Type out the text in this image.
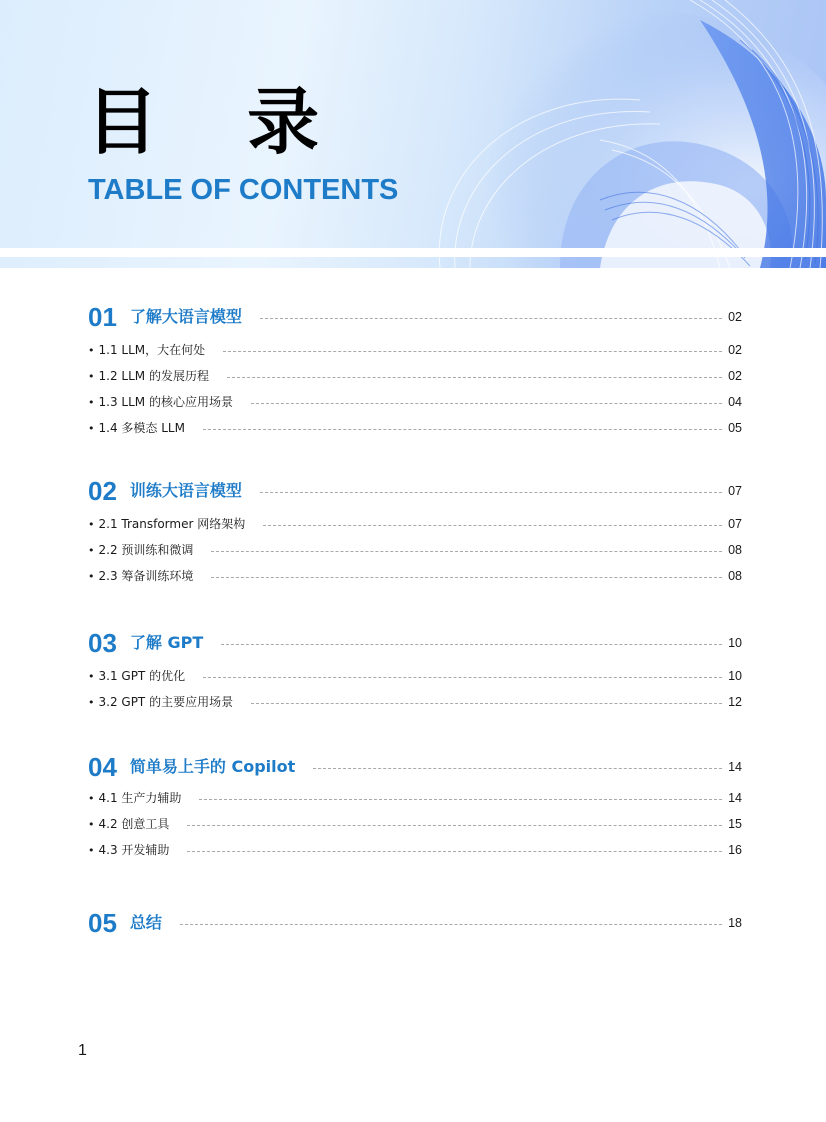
目 录
TABLE OF CONTENTS
01 了解大语言模型	02
• 1.1 LLM，大在何处	02
• 1.2 LLM 的发展历程	02
• 1.3 LLM 的核心应用场景	04
• 1.4 多模态 LLM	05
02 训练大语言模型	07
• 2.1 Transformer 网络架构	07
• 2.2 预训练和微调	08
• 2.3 筹备训练环境	08
03 了解 GPT	10
• 3.1 GPT 的优化	10
• 3.2 GPT 的主要应用场景	12
04 简单易上手的 Copilot	14
• 4.1 生产力辅助	14
• 4.2 创意工具	15
• 4.3 开发辅助	16
05 总结	18
1
